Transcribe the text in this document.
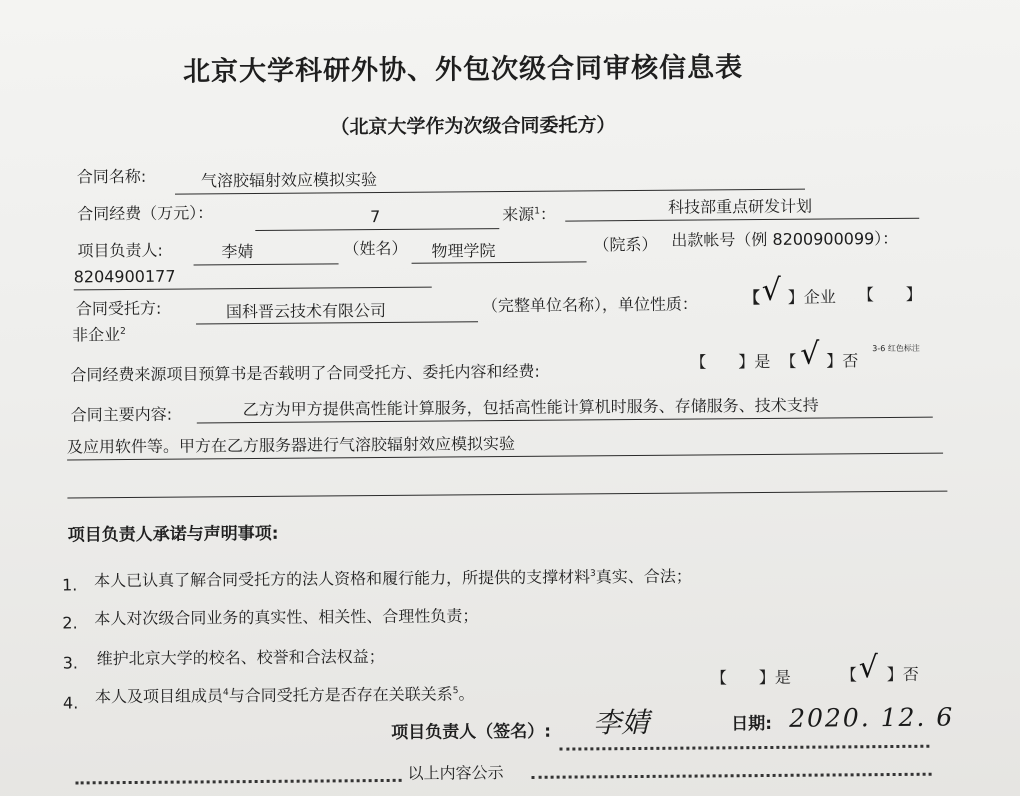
北京大学科研外协、外包次级合同审核信息表
（北京大学作为次级合同委托方）
合同名称:	气溶胶辐射效应模拟实验
合同经费（万元）：	7	来源$^1$：	科技部重点研发计划
项目负责人:	李婧	（姓名）	物理学院	（院系） 出款帐号（例 8200900099）：
8204900177
合同受托方:	国科晋云技术有限公司	（完整单位名称），单位性质：	【 √ 】企业 【　　】
非企业$^2$
合同经费来源项目预算书是否载明了合同受托方、委托内容和经费:	【　　】是 【 √ 】否
3-6 红色标注
合同主要内容:	乙方为甲方提供高性能计算服务，包括高性能计算机时服务、存储服务、技术支持
及应用软件等。甲方在乙方服务器进行气溶胶辐射效应模拟实验
项目负责人承诺与声明事项:
1. 本人已认真了解合同受托方的法人资格和履行能力，所提供的支撑材料$^3$真实、合法；
2. 本人对次级合同业务的真实性、相关性、合理性负责；
3. 维护北京大学的校名、校誉和合法权益；
4. 本人及项目组成员$^4$与合同受托方是否存在关联关系$^5$。
【　　】是	【 √ 】否
项目负责人（签名）: 李婧	日期: 2020. 12. 6
以上内容公示
